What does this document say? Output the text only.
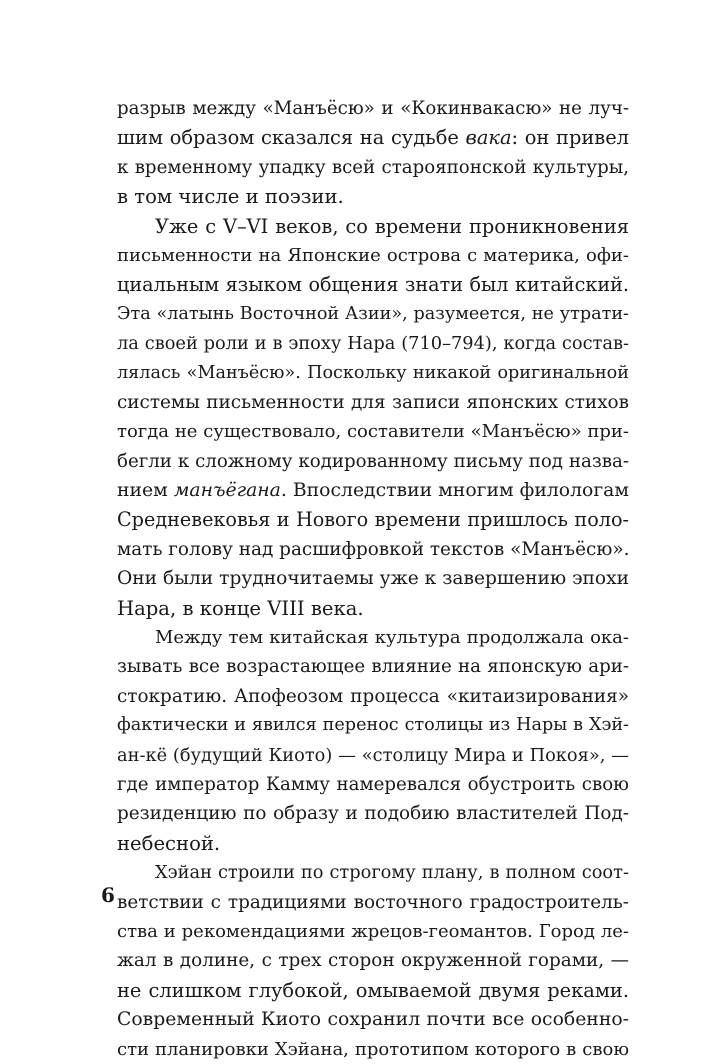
разрыв между «Манъёсю» и «Кокинвакасю» не луч-
шим образом сказался на судьбе вака: он привел
к временному упадку всей старояпонской культуры,
в том числе и поэзии.
Уже с V–VI веков, со времени проникновения
письменности на Японские острова с материка, офи-
циальным языком общения знати был китайский.
Эта «латынь Восточной Азии», разумеется, не утрати-
ла своей роли и в эпоху Нара (710–794), когда состав-
лялась «Манъёсю». Поскольку никакой оригинальной
системы письменности для записи японских стихов
тогда не существовало, составители «Манъёсю» при-
бегли к сложному кодированному письму под назва-
нием манъёгана. Впоследствии многим филологам
Средневековья и Нового времени пришлось поло-
мать голову над расшифровкой текстов «Манъёсю».
Они были трудночитаемы уже к завершению эпохи
Нара, в конце VIII века.
Между тем китайская культура продолжала ока-
зывать все возрастающее влияние на японскую ари-
стократию. Апофеозом процесса «китаизирования»
фактически и явился перенос столицы из Нары в Хэй-
ан-кё (будущий Киото) — «столицу Мира и Покоя», —
где император Камму намеревался обустроить свою
резиденцию по образу и подобию властителей Под-
небесной.
Хэйан строили по строгому плану, в полном соот-
ветствии с традициями восточного градостроитель-
ства и рекомендациями жрецов-геомантов. Город ле-
жал в долине, с трех сторон окруженной горами, —
не слишком глубокой, омываемой двумя реками.
Современный Киото сохранил почти все особенно-
сти планировки Хэйана, прототипом которого в свою
6
